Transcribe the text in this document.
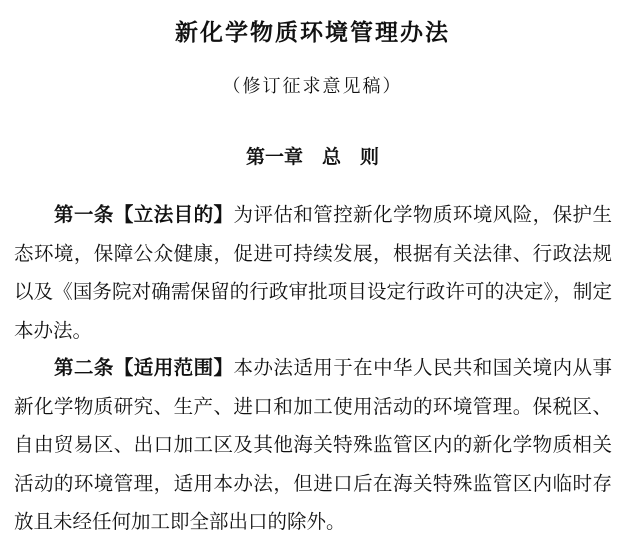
新化学物质环境管理办法
（修订征求意见稿）
第一章　总　则

第一条【立法目的】为评估和管控新化学物质环境风险，保护生态环境，保障公众健康，促进可持续发展，根据有关法律、行政法规以及《国务院对确需保留的行政审批项目设定行政许可的决定》，制定本办法。

第二条【适用范围】本办法适用于在中华人民共和国关境内从事新化学物质研究、生产、进口和加工使用活动的环境管理。保税区、自由贸易区、出口加工区及其他海关特殊监管区内的新化学物质相关活动的环境管理，适用本办法，但进口后在海关特殊监管区内临时存放且未经任何加工即全部出口的除外。
